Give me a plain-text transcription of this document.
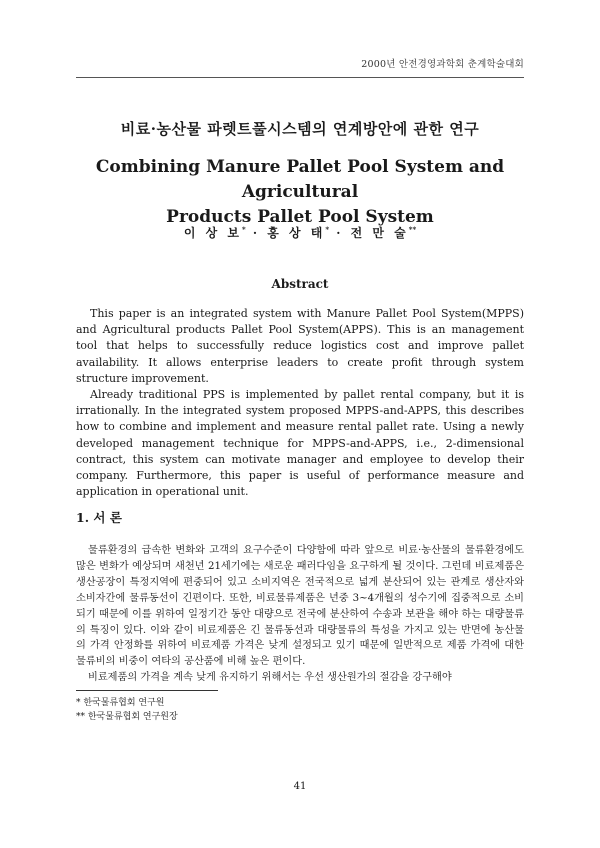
2000년 안전경영과학회 춘계학술대회
비료·농산물 파렛트풀시스템의 연계방안에 관한 연구
Combining Manure Pallet Pool System and Agricultural
Products Pallet Pool System
이 상 보* · 홍 상 태* · 전 만 술**
Abstract

This paper is an integrated system with Manure Pallet Pool System(MPPS) and Agricultural products Pallet Pool System(APPS). This is an management tool that helps to successfully reduce logistics cost and improve pallet availability. It allows enterprise leaders to create profit through system structure improvement.

Already traditional PPS is implemented by pallet rental company, but it is irrationally. In the integrated system proposed MPPS-and-APPS, this describes how to combine and implement and measure rental pallet rate. Using a newly developed management technique for MPPS-and-APPS, i.e., 2-dimensional contract, this system can motivate manager and employee to develop their company. Furthermore, this paper is useful of performance measure and application in operational unit.

1. 서 론

물류환경의 급속한 변화와 고객의 요구수준이 다양함에 따라 앞으로 비료·농산물의 물류환경에도 많은 변화가 예상되며 새천년 21세기에는 새로운 패러다임을 요구하게 될 것이다. 그런데 비료제품은 생산공장이 특정지역에 편중되어 있고 소비지역은 전국적으로 넓게 분산되어 있는 관계로 생산자와 소비자간에 물류동선이 긴편이다. 또한, 비료물류제품은 년중 3~4개월의 성수기에 집중적으로 소비되기 때문에 이를 위하여 일정기간 동안 대량으로 전국에 분산하여 수송과 보관을 해야 하는 대량물류의 특징이 있다. 이와 같이 비료제품은 긴 물류동선과 대량물류의 특성을 가지고 있는 반면에 농산물의 가격 안정화를 위하여 비료제품 가격은 낮게 설정되고 있기 때문에 일반적으로 제품 가격에 대한 물류비의 비중이 여타의 공산품에 비해 높은 편이다.

비료제품의 가격을 계속 낮게 유지하기 위해서는 우선 생산원가의 절감을 강구해야

* 한국물류협회 연구원
** 한국물류협회 연구원장
41
